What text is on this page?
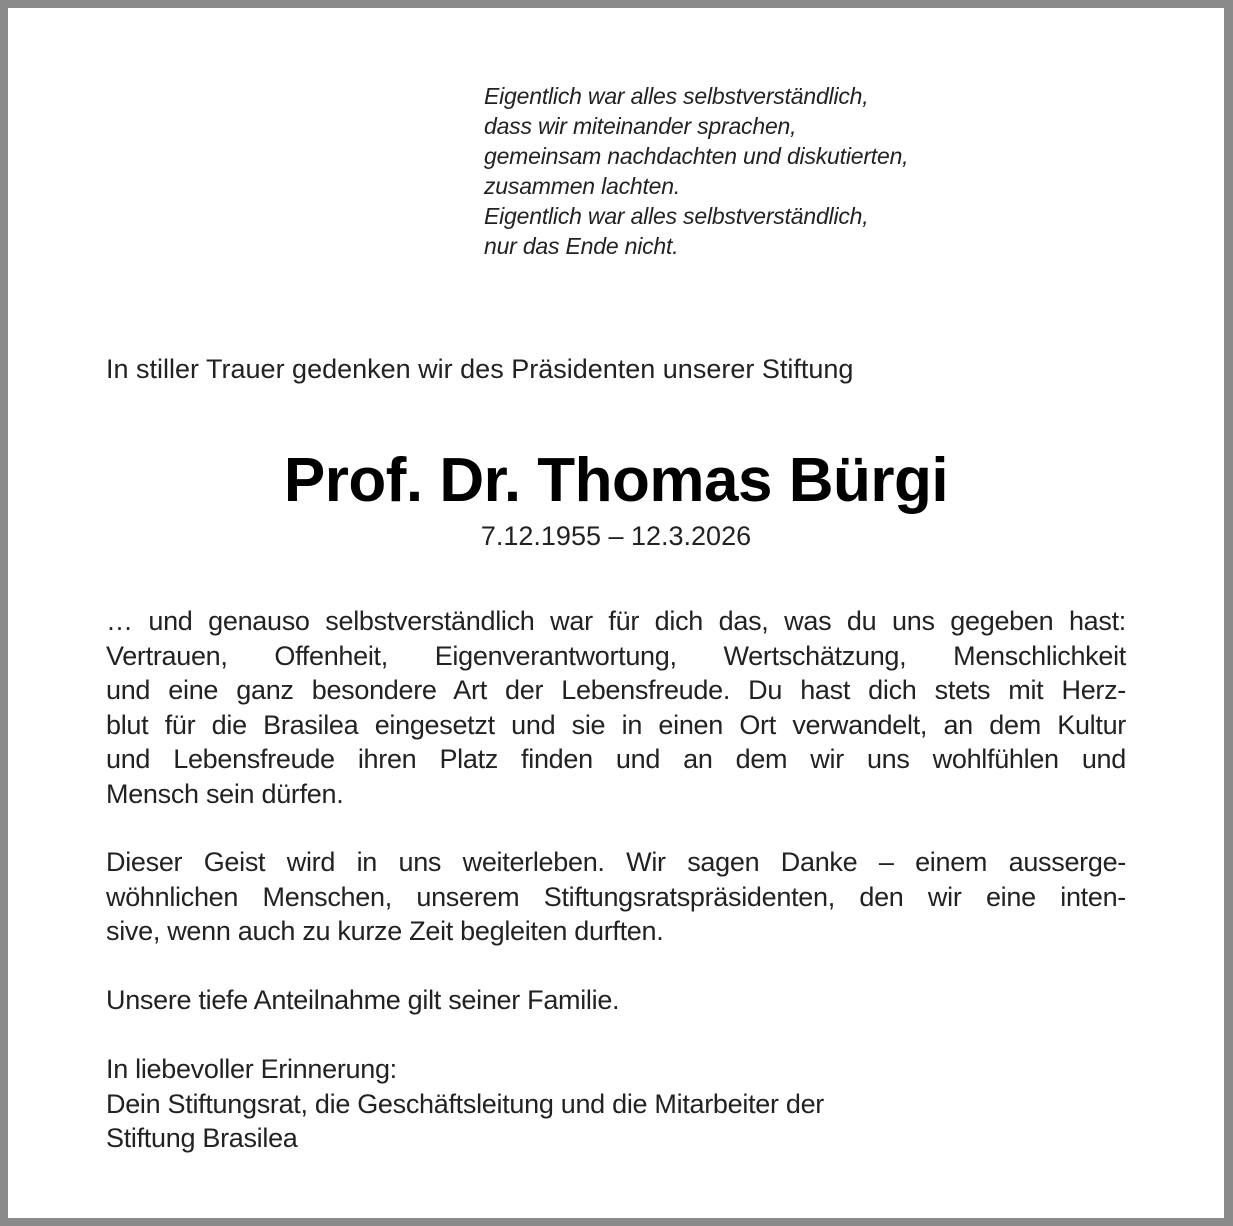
Eigentlich war alles selbstverständlich,
dass wir miteinander sprachen,
gemeinsam nachdachten und diskutierten,
zusammen lachten.
Eigentlich war alles selbstverständlich,
nur das Ende nicht.
In stiller Trauer gedenken wir des Präsidenten unserer Stiftung
Prof. Dr. Thomas Bürgi
7.12.1955 – 12.3.2026
… und genauso selbstverständlich war für dich das, was du uns gegeben hast:
Vertrauen, Offenheit, Eigenverantwortung, Wertschätzung, Menschlichkeit
und eine ganz besondere Art der Lebensfreude. Du hast dich stets mit Herz-
blut für die Brasilea eingesetzt und sie in einen Ort verwandelt, an dem Kultur
und Lebensfreude ihren Platz finden und an dem wir uns wohlfühlen und
Mensch sein dürfen.
Dieser Geist wird in uns weiterleben. Wir sagen Danke – einem ausserge-
wöhnlichen Menschen, unserem Stiftungsratspräsidenten, den wir eine inten-
sive, wenn auch zu kurze Zeit begleiten durften.
Unsere tiefe Anteilnahme gilt seiner Familie.
In liebevoller Erinnerung:
Dein Stiftungsrat, die Geschäftsleitung und die Mitarbeiter der
Stiftung Brasilea
